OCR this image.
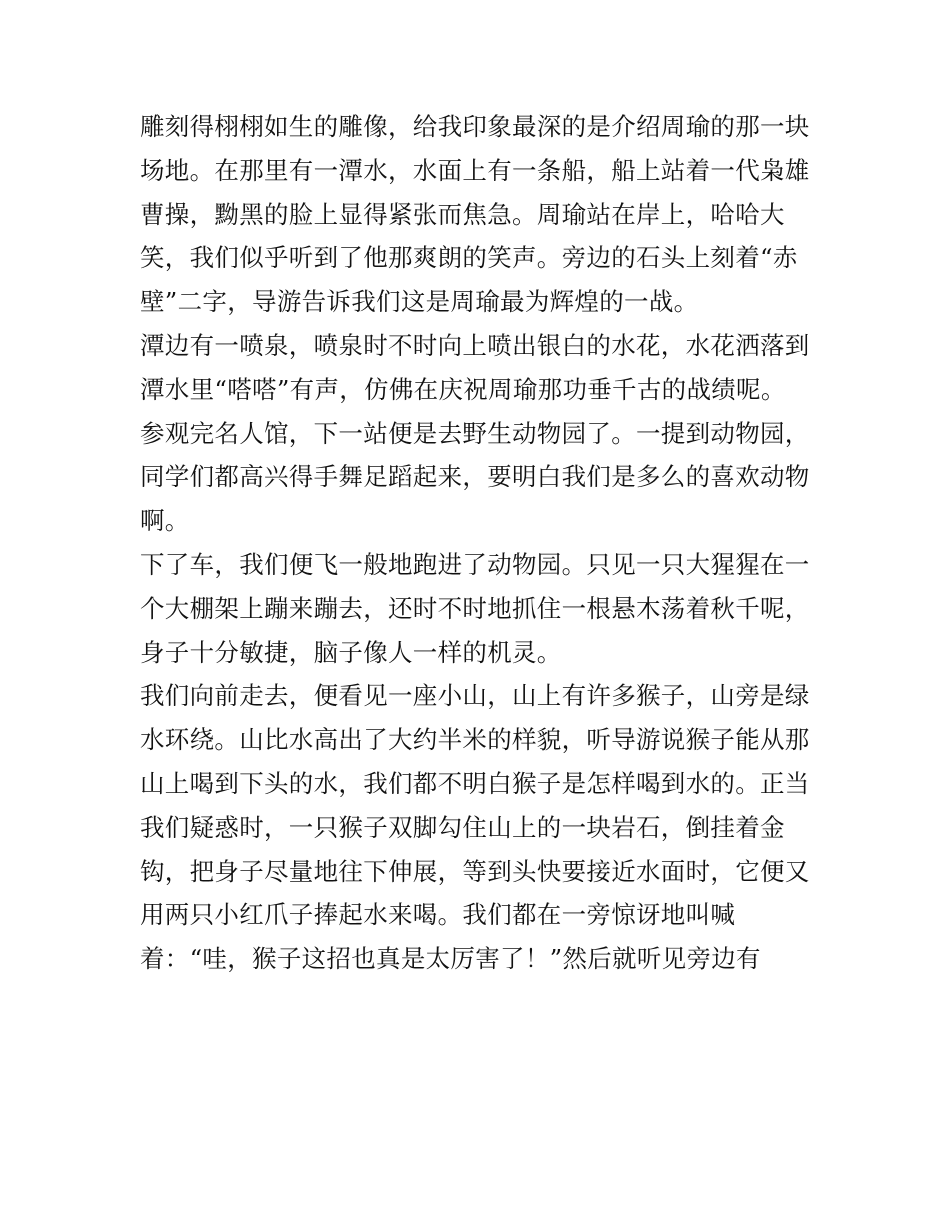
雕刻得栩栩如生的雕像，给我印象最深的是介绍周瑜的那一块
场地。在那里有一潭水，水面上有一条船，船上站着一代枭雄
曹操，黝黑的脸上显得紧张而焦急。周瑜站在岸上，哈哈大
笑，我们似乎听到了他那爽朗的笑声。旁边的石头上刻着“赤
壁”二字，导游告诉我们这是周瑜最为辉煌的一战。
潭边有一喷泉，喷泉时不时向上喷出银白的水花，水花洒落到
潭水里“嗒嗒”有声，仿佛在庆祝周瑜那功垂千古的战绩呢。
参观完名人馆，下一站便是去野生动物园了。一提到动物园，
同学们都高兴得手舞足蹈起来，要明白我们是多么的喜欢动物
啊。
下了车，我们便飞一般地跑进了动物园。只见一只大猩猩在一
个大棚架上蹦来蹦去，还时不时地抓住一根悬木荡着秋千呢，
身子十分敏捷，脑子像人一样的机灵。
我们向前走去，便看见一座小山，山上有许多猴子，山旁是绿
水环绕。山比水高出了大约半米的样貌，听导游说猴子能从那
山上喝到下头的水，我们都不明白猴子是怎样喝到水的。正当
我们疑惑时，一只猴子双脚勾住山上的一块岩石，倒挂着金
钩，把身子尽量地往下伸展，等到头快要接近水面时，它便又
用两只小红爪子捧起水来喝。我们都在一旁惊讶地叫喊
着：“哇，猴子这招也真是太厉害了！”然后就听见旁边有
